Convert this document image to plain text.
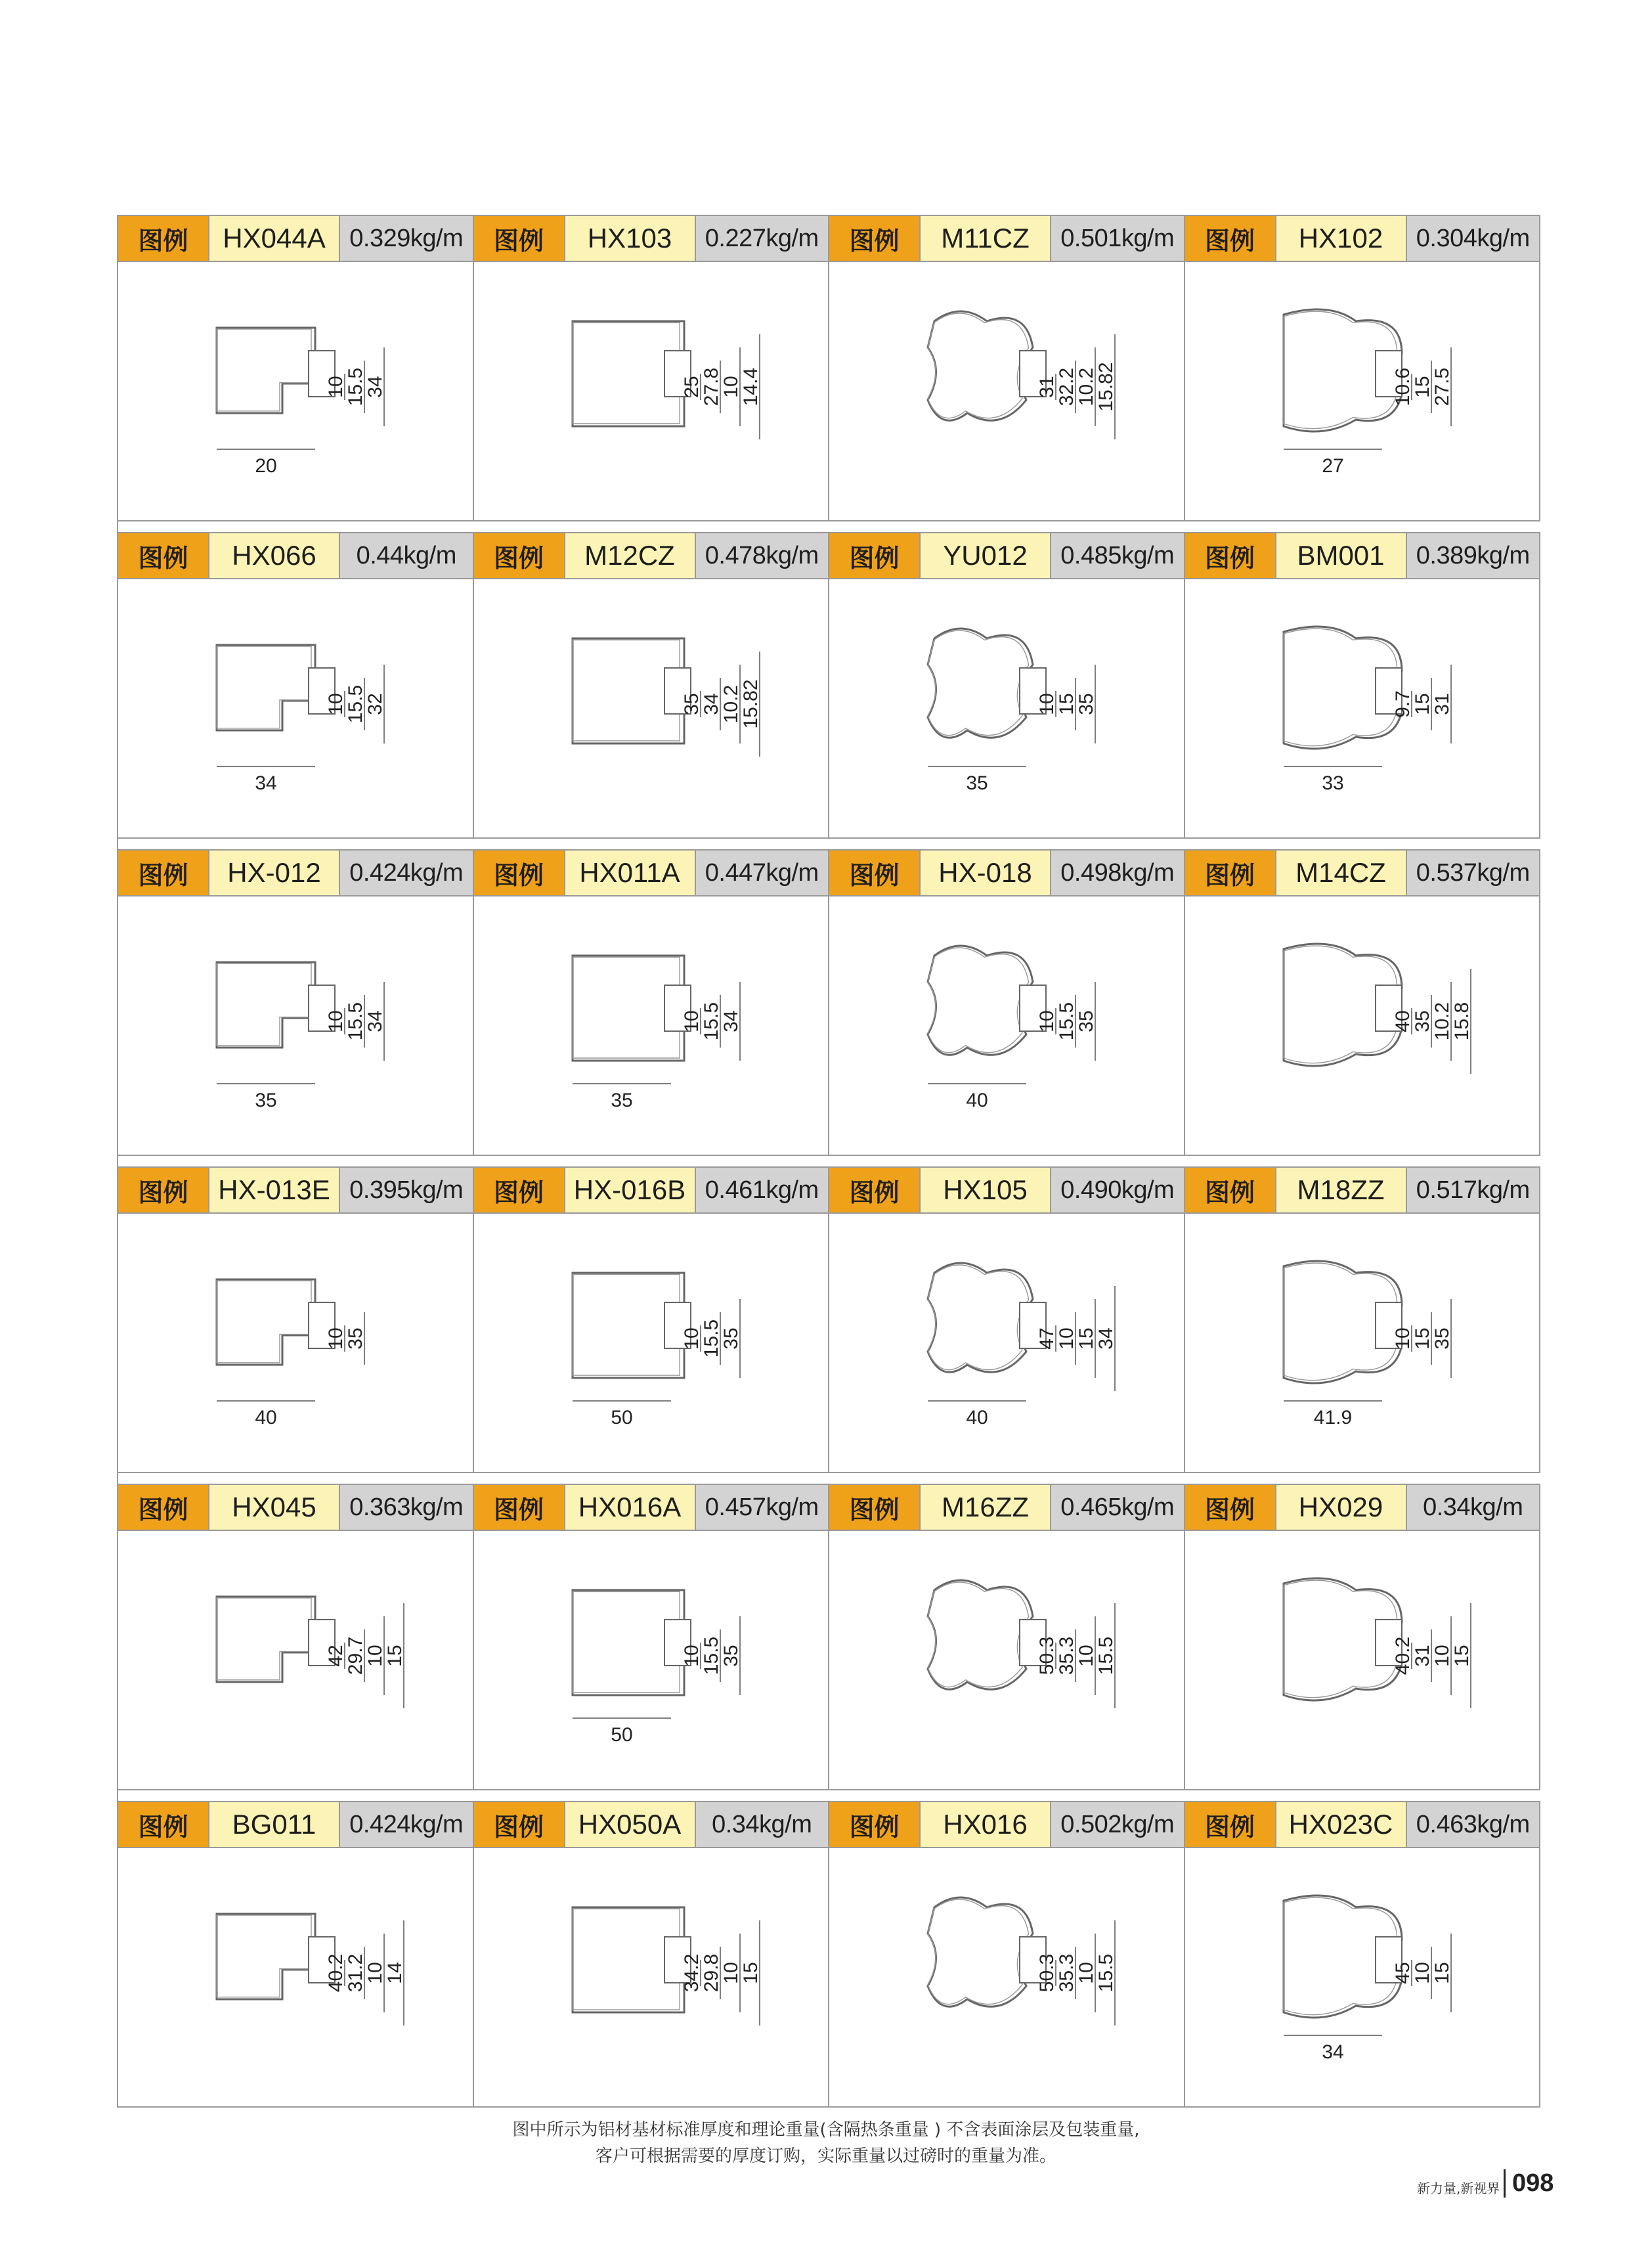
图例	HX044A 0.329kg/m
10
15.5
34
20
图例	HX103	0.227kg/m
25
27.8
10
14.4
图例	M11CZ	0.501kg/m
31
32.2
10.2
15.82
图例	HX102	0.304kg/m
10.6
15
27.5
27
图例	HX066	0.44kg/m
10
15.5
32
34
图例	M12CZ	0.478kg/m
35
34
10.2
15.82
图例	YU012	0.485kg/m
10
15
35
35
图例	BM001	0.389kg/m
9.7
15
31
33
图例	HX-012	0.424kg/m
10
15.5
34
35
图例	HX011A	0.447kg/m
10
15.5
34
35
图例	HX-018	0.498kg/m
10
15.5
35
40
图例	M14CZ	0.537kg/m
40
35
10.2
15.8
图例	HX-013E 0.395kg/m
10
35
40
图例	HX-016B 0.461kg/m
10
15.5
35
50
图例	HX105	0.490kg/m
47
10
15
34
40
图例	M18ZZ	0.517kg/m
10
15
35
41.9
图例	HX045	0.363kg/m
42
29.7
10
15
图例	HX016A 0.457kg/m
10
15.5
35
50
图例	M16ZZ	0.465kg/m
50.3
35.3
10
15.5
图例	HX029	0.34kg/m
40.2
31
10
15
图例	BG011	0.424kg/m
40.2
31.2
10
14
图例	HX050A	0.34kg/m
34.2
29.8
10
15
图例	HX016	0.502kg/m
50.3
35.3
10
15.5
图例	HX023C 0.463kg/m
45
10
15
34
图中所示为铝材基材标准厚度和理论重量(含隔热条重量 ) 不含表面涂层及包装重量,
客户可根据需要的厚度订购，实际重量以过磅时的重量为准。
新力量,新视界 098
